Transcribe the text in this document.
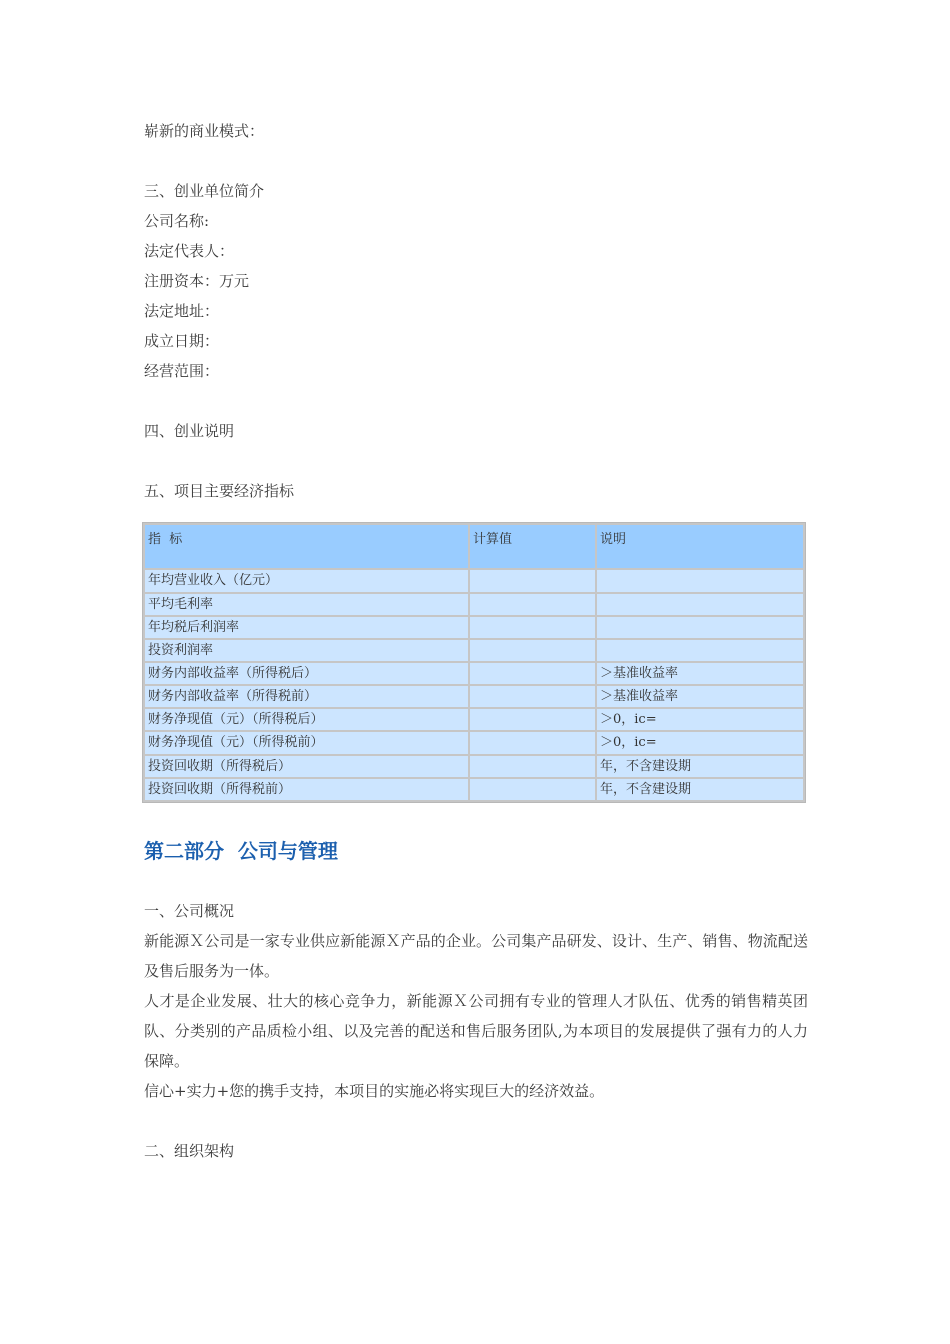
崭新的商业模式：
三、创业单位简介
公司名称:
法定代表人：
注册资本：万元
法定地址：
成立日期：
经营范围：
四、创业说明
五、项目主要经济指标
指  标	计算值	说明
年均营业收入（亿元）		
平均毛利率		
年均税后利润率		
投资利润率		
财务内部收益率（所得税后）		＞基准收益率
财务内部收益率（所得税前）		＞基准收益率
财务净现值（元）（所得税后）		＞0，ic=
财务净现值（元）（所得税前）		＞0，ic=
投资回收期（所得税后）		年，不含建设期
投资回收期（所得税前）		年，不含建设期
第二部分  公司与管理
一、公司概况
新能源Ｘ公司是一家专业供应新能源Ｘ产品的企业。公司集产品研发、设计、生产、销售、物流配送及售后服务为一体。
人才是企业发展、壮大的核心竞争力，新能源Ｘ公司拥有专业的管理人才队伍、优秀的销售精英团队、分类别的产品质检小组、以及完善的配送和售后服务团队,为本项目的发展提供了强有力的人力保障。
信心+实力+您的携手支持，本项目的实施必将实现巨大的经济效益。
二、组织架构
